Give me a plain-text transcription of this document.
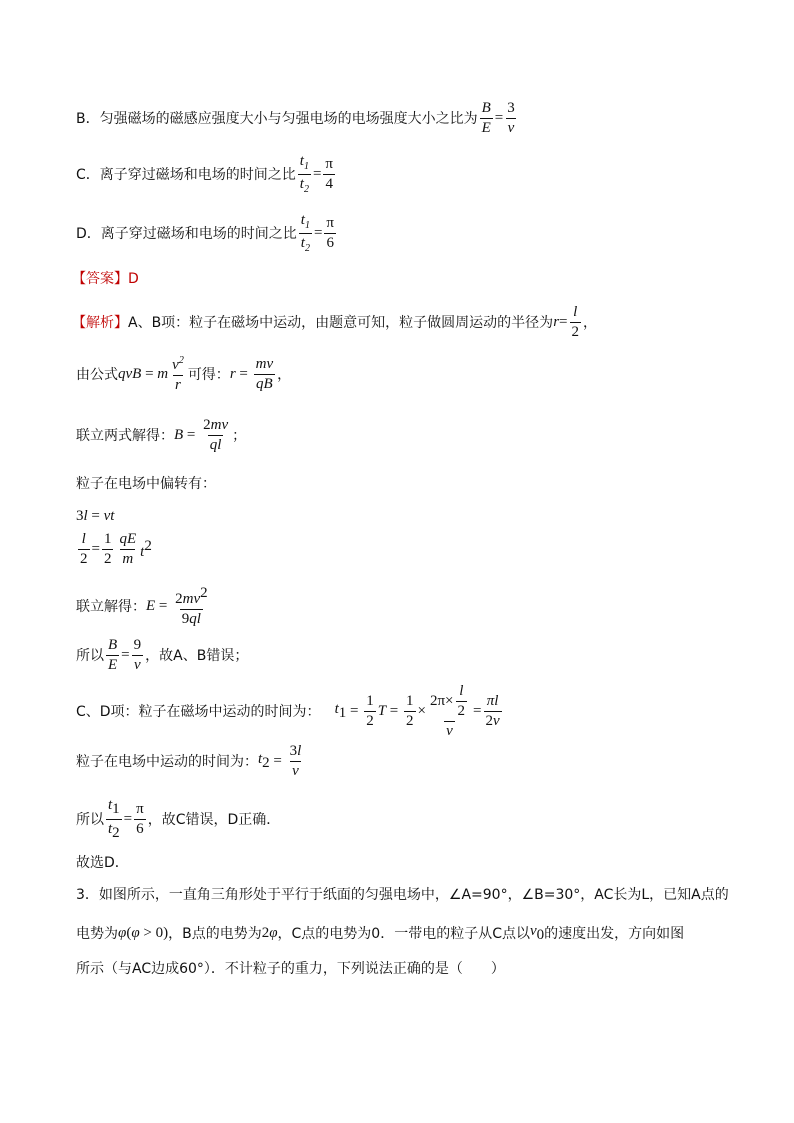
B．匀强磁场的磁感应强度大小与匀强电场的电场强度大小之比为 $\frac{B}{E} = \frac{3}{v}$
C．离子穿过磁场和电场的时间之比 $\frac{t_1}{t_2} = \frac{\pi}{4}$
D．离子穿过磁场和电场的时间之比 $\frac{t_1}{t_2} = \frac{\pi}{6}$
【答案】 D
【解析】 A、B项：粒子在磁场中运动，由题意可知，粒子做圆周运动的半径为 $r = \frac{l}{2}$ ，
由公式 qvB = m $\frac{v^2}{r}$ 可得： $r = \frac{mv}{qB}$ ，
联立两式解得： $B = \frac{2mv}{ql}$ ；
粒子在电场中偏转有：
3 l = vt
$\frac{l}{2} = \frac{1}{2} \frac{qE}{m} t^2$
联立解得： $E = \frac{2mv^2}{9ql}$
所以 $\frac{B}{E} = \frac{9}{v}$ ，故A、B错误；
C、D项：粒子在磁场中运动的时间为： $t_1 = \frac{1}{2}$ $T = \frac{1}{2} \times \frac{2\pi\times \frac{l}{2}}{v} = \frac{\pi l}{2v}$
粒子在电场中运动的时间为： $t_2 = \frac{3l}{v}$
所以 $\frac{t_1}{t_2} = \frac{\pi}{6}$ ，故C错误，D正确．
故选D．
3．如图所示，一直角三角形处于平行于纸面的匀强电场中，∠A=90°，∠B=30°，AC长为L，已知A点的
电势为 φ ( φ > 0) ，B点的电势为 2 φ ，C点的电势为0．一带电的粒子从C点以 $v_0$ 的速度出发，方向如图
所示（与AC边成60°）．不计粒子的重力，下列说法正确的是（　　）
